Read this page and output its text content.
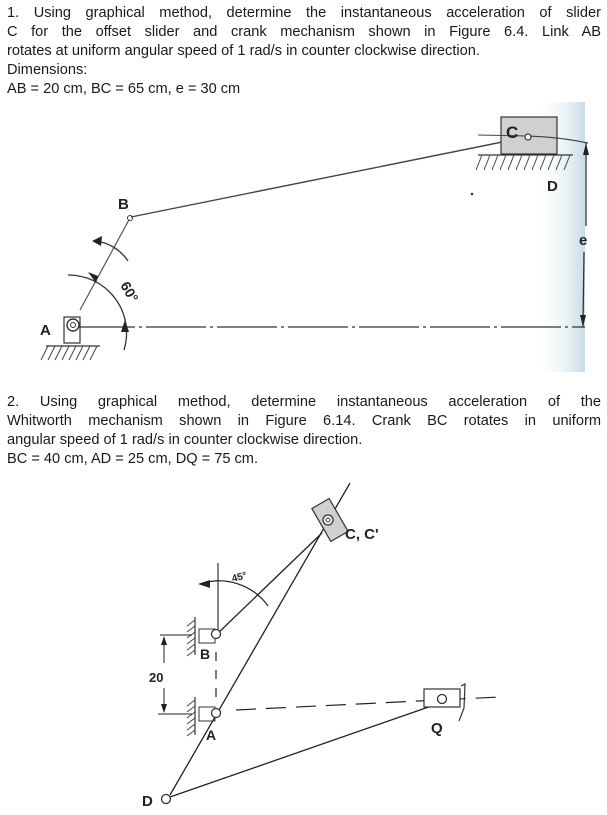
1. Using graphical method, determine the instantaneous acceleration of slider
C for the offset slider and crank mechanism shown in Figure 6.4. Link AB
rotates at uniform angular speed of 1 rad/s in counter clockwise direction.
Dimensions:
AB = 20 cm, BC = 65 cm, e = 30 cm
60°
B
A
C
D
e
2. Using graphical method, determine instantaneous acceleration of the
Whitworth mechanism shown in Figure 6.14. Crank BC rotates in uniform
angular speed of 1 rad/s in counter clockwise direction.
BC = 40 cm, AD = 25 cm, DQ = 75 cm.
45°
20
C, C'
B
A
D
Q
